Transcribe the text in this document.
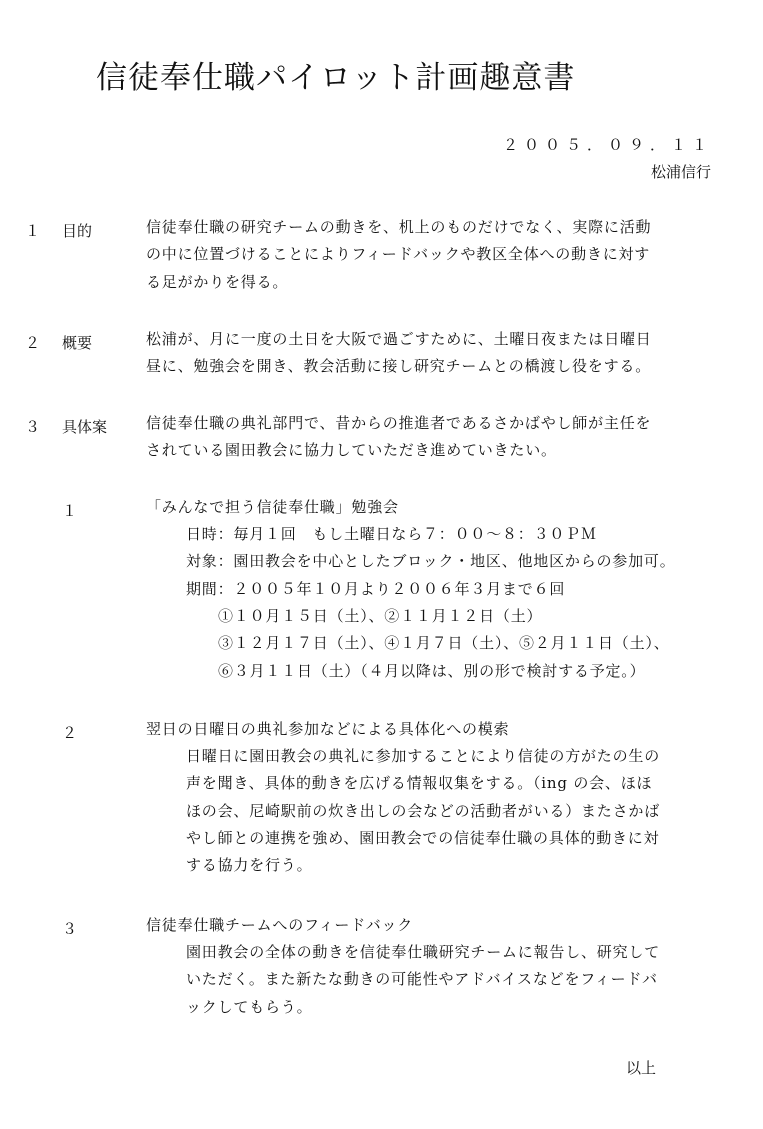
信徒奉仕職パイロット計画趣意書
２００５．０９．１１
松浦信行
１ 目的	信徒奉仕職の研究チームの動きを、机上のものだけでなく、実際に活動
の中に位置づけることによりフィードバックや教区全体への動きに対す
る足がかりを得る。
２ 概要	松浦が、月に一度の土日を大阪で過ごすために、土曜日夜または日曜日
昼に、勉強会を開き、教会活動に接し研究チームとの橋渡し役をする。
３ 具体案	信徒奉仕職の典礼部門で、昔からの推進者であるさかばやし師が主任を
されている園田教会に協力していただき進めていきたい。
１	「みんなで担う信徒奉仕職」勉強会
日時：毎月１回　もし土曜日なら７：００～８：３０ＰＭ
対象：園田教会を中心としたブロック・地区、他地区からの参加可。
期間：２００５年１０月より２００６年３月まで６回
①１０月１５日（土）、②１１月１２日（土）
③１２月１７日（土）、④１月７日（土）、⑤２月１１日（土）、
⑥３月１１日（土）（４月以降は、別の形で検討する予定。）
２	翌日の日曜日の典礼参加などによる具体化への模索
日曜日に園田教会の典礼に参加することにより信徒の方がたの生の
声を聞き、具体的動きを広げる情報収集をする。（ing の会、ほほ
ほの会、尼崎駅前の炊き出しの会などの活動者がいる）またさかば
やし師との連携を強め、園田教会での信徒奉仕職の具体的動きに対
する協力を行う。
３	信徒奉仕職チームへのフィードバック
園田教会の全体の動きを信徒奉仕職研究チームに報告し、研究して
いただく。また新たな動きの可能性やアドバイスなどをフィードバ
ックしてもらう。
以上
